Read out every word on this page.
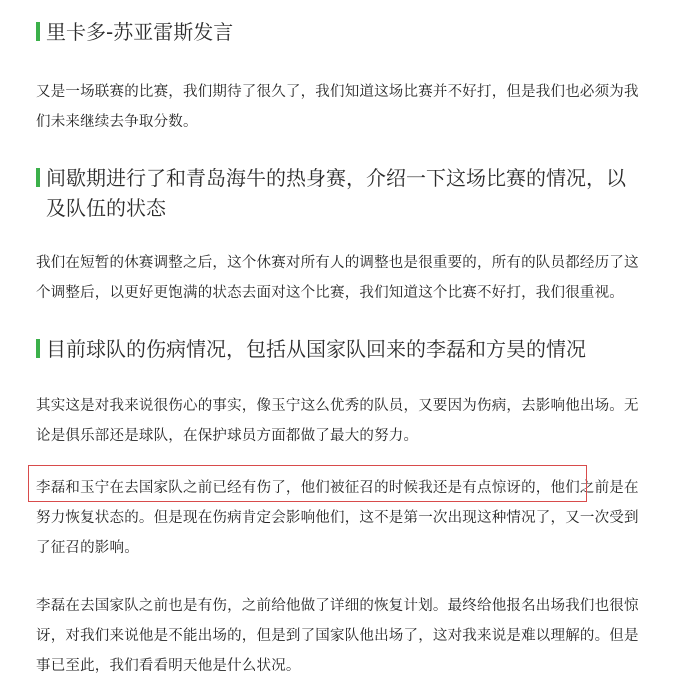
里卡多-苏亚雷斯发言

又是一场联赛的比赛，我们期待了很久了，我们知道这场比赛并不好打，但是我们也必须为我
们未来继续去争取分数。

间歇期进行了和青岛海牛的热身赛，介绍一下这场比赛的情况，以
及队伍的状态

我们在短暂的休赛调整之后，这个休赛对所有人的调整也是很重要的，所有的队员都经历了这
个调整后，以更好更饱满的状态去面对这个比赛，我们知道这个比赛不好打，我们很重视。

目前球队的伤病情况，包括从国家队回来的李磊和方昊的情况

其实这是对我来说很伤心的事实，像玉宁这么优秀的队员，又要因为伤病，去影响他出场。无
论是俱乐部还是球队，在保护球员方面都做了最大的努力。

李磊和玉宁在去国家队之前已经有伤了，他们被征召的时候我还是有点惊讶的，他们之前是在
努力恢复状态的。但是现在伤病肯定会影响他们，这不是第一次出现这种情况了，又一次受到
了征召的影响。

李磊在去国家队之前也是有伤，之前给他做了详细的恢复计划。最终给他报名出场我们也很惊
讶，对我们来说他是不能出场的，但是到了国家队他出场了，这对我来说是难以理解的。但是
事已至此，我们看看明天他是什么状况。
